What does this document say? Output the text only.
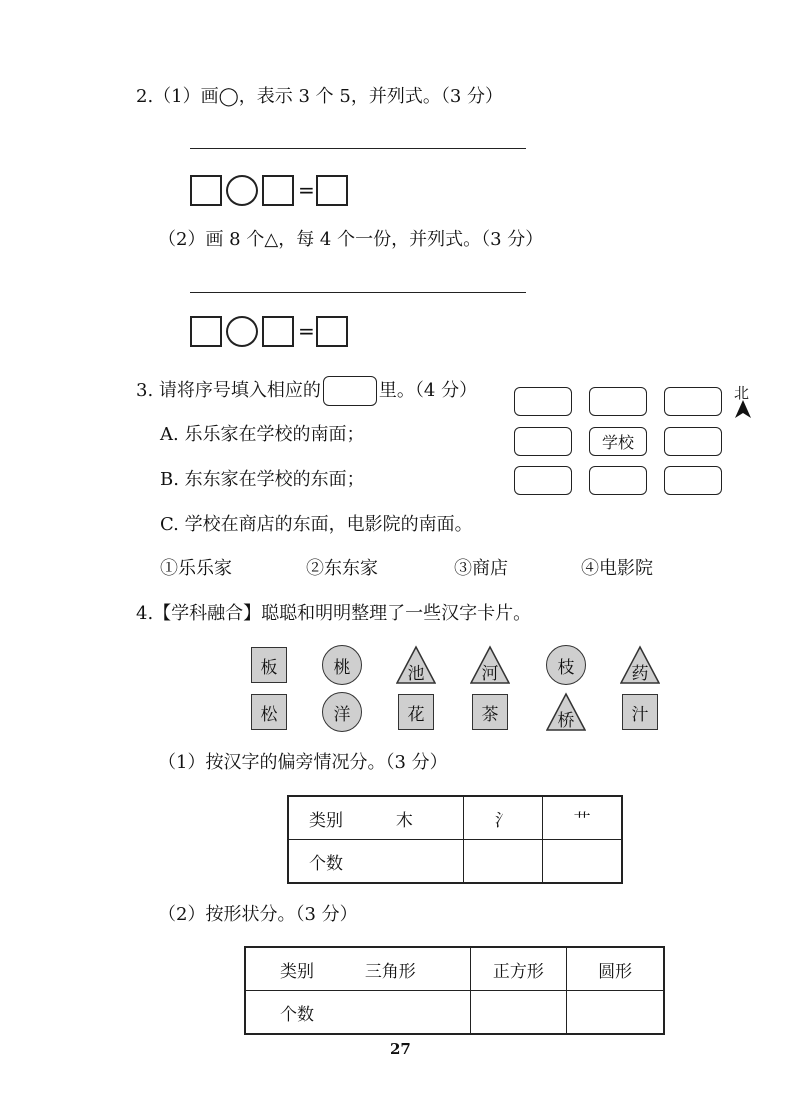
2.（1）画◯，表示 3 个 5，并列式。（3 分）
=
（2）画 8 个△，每 4 个一份，并列式。（3 分）
=
3. 请将序号填入相应的	里。（4 分）
学校
北
A. 乐乐家在学校的南面；
B. 东东家在学校的东面；
C. 学校在商店的东面，电影院的南面。
①乐乐家	②东东家	③商店	④电影院
4.【学科融合】聪聪和明明整理了一些汉字卡片。
板	桃	池	河	枝	药
松	洋	花	茶	桥	汁
（1）按汉字的偏旁情况分。（3 分）
类别 木	氵	艹
个数		
（2）按形状分。（3 分）
类别 三角形	正方形	圆形
个数		
27
